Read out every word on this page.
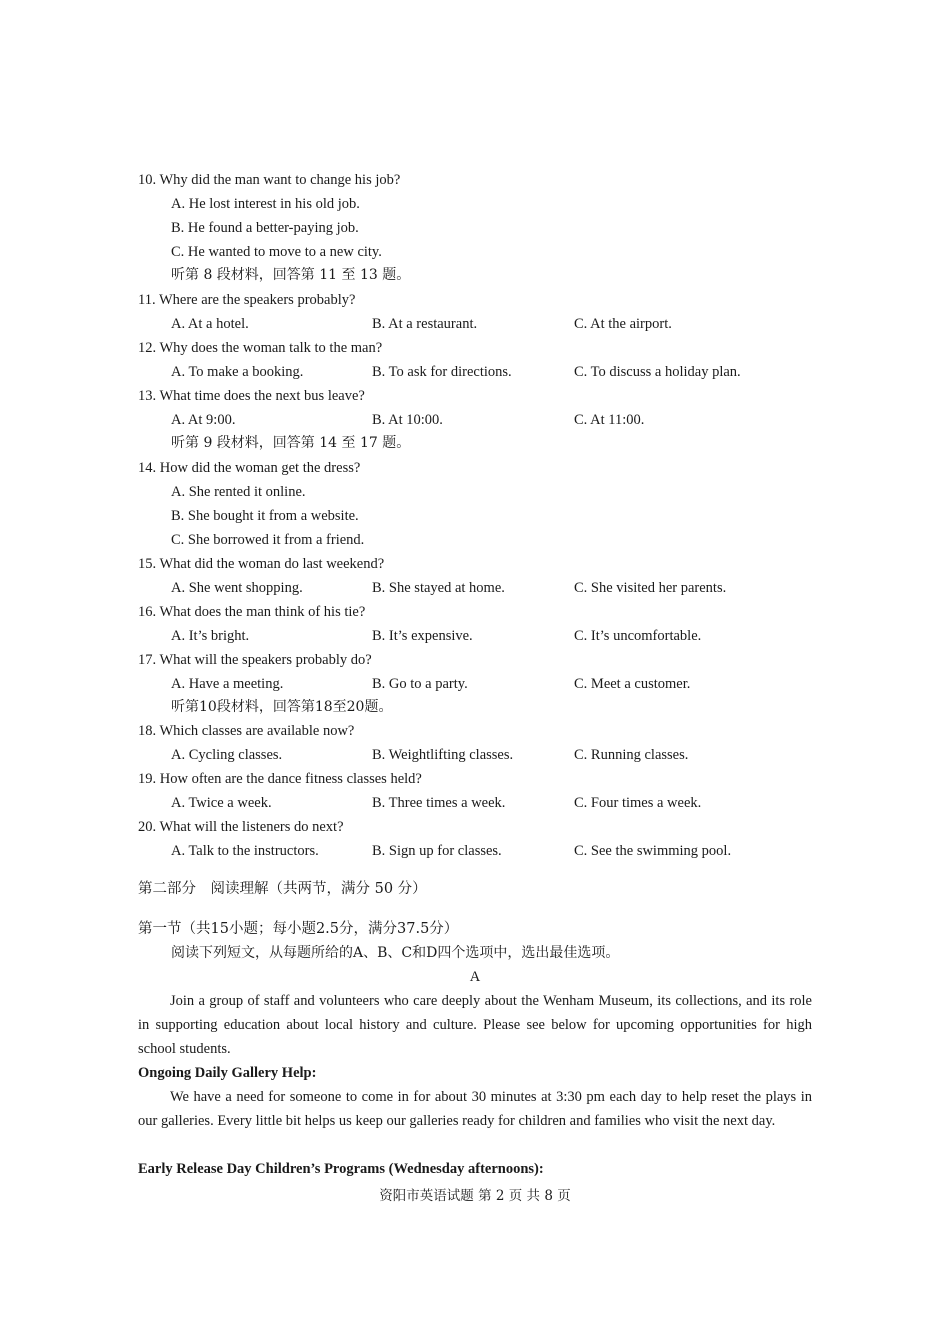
10. Why did the man want to change his job?
A. He lost interest in his old job.
B. He found a better-paying job.
C. He wanted to move to a new city.
听第 8 段材料，回答第 11 至 13 题。
11. Where are the speakers probably?
A. At a hotel.	B. At a restaurant.	C. At the airport.
12. Why does the woman talk to the man?
A. To make a booking.	B. To ask for directions.	C. To discuss a holiday plan.
13. What time does the next bus leave?
A. At 9:00.	B. At 10:00.	C. At 11:00.
听第 9 段材料，回答第 14 至 17 题。
14. How did the woman get the dress?
A. She rented it online.
B. She bought it from a website.
C. She borrowed it from a friend.
15. What did the woman do last weekend?
A. She went shopping.	B. She stayed at home.	C. She visited her parents.
16. What does the man think of his tie?
A. It’s bright.	B. It’s expensive.	C. It’s uncomfortable.
17. What will the speakers probably do?
A. Have a meeting.	B. Go to a party.	C. Meet a customer.
听第10段材料，回答第18至20题。
18. Which classes are available now?
A. Cycling classes.	B. Weightlifting classes.	C. Running classes.
19. How often are the dance fitness classes held?
A. Twice a week.	B. Three times a week.	C. Four times a week.
20. What will the listeners do next?
A. Talk to the instructors.	B. Sign up for classes.	C. See the swimming pool.
第二部分　阅读理解（共两节，满分 50 分）
第一节（共15小题；每小题2.5分，满分37.5分）
阅读下列短文，从每题所给的A、B、C和D四个选项中，选出最佳选项。
A

Join a group of staff and volunteers who care deeply about the Wenham Museum, its collections, and its role in supporting education about local history and culture. Please see below for upcoming opportunities for high school students.

Ongoing Daily Gallery Help:

We have a need for someone to come in for about 30 minutes at 3:30 pm each day to help reset the plays in our galleries. Every little bit helps us keep our galleries ready for children and families who visit the next day.

Early Release Day Children’s Programs (Wednesday afternoons):
资阳市英语试题 第 2 页 共 8 页
